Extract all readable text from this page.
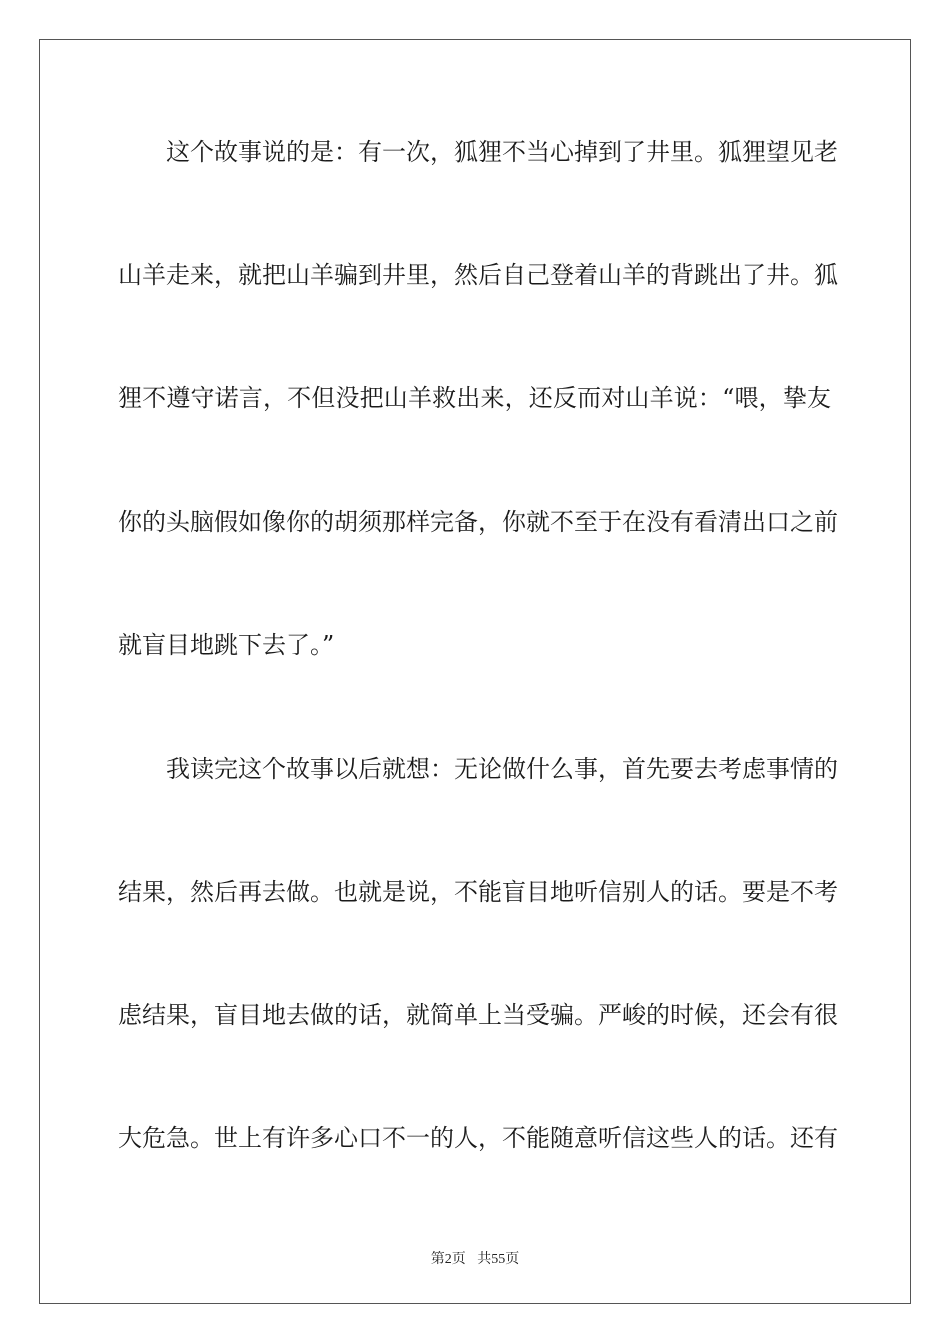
这个故事说的是：有一次，狐狸不当心掉到了井里。狐狸望见老
山羊走来，就把山羊骗到井里，然后自己登着山羊的背跳出了井。狐
狸不遵守诺言，不但没把山羊救出来，还反而对山羊说：“喂，挚友
你的头脑假如像你的胡须那样完备，你就不至于在没有看清出口之前
就盲目地跳下去了。”
我读完这个故事以后就想：无论做什么事，首先要去考虑事情的
结果，然后再去做。也就是说，不能盲目地听信别人的话。要是不考
虑结果，盲目地去做的话，就简单上当受骗。严峻的时候，还会有很
大危急。世上有许多心口不一的人，不能随意听信这些人的话。还有
第2页 共55页
